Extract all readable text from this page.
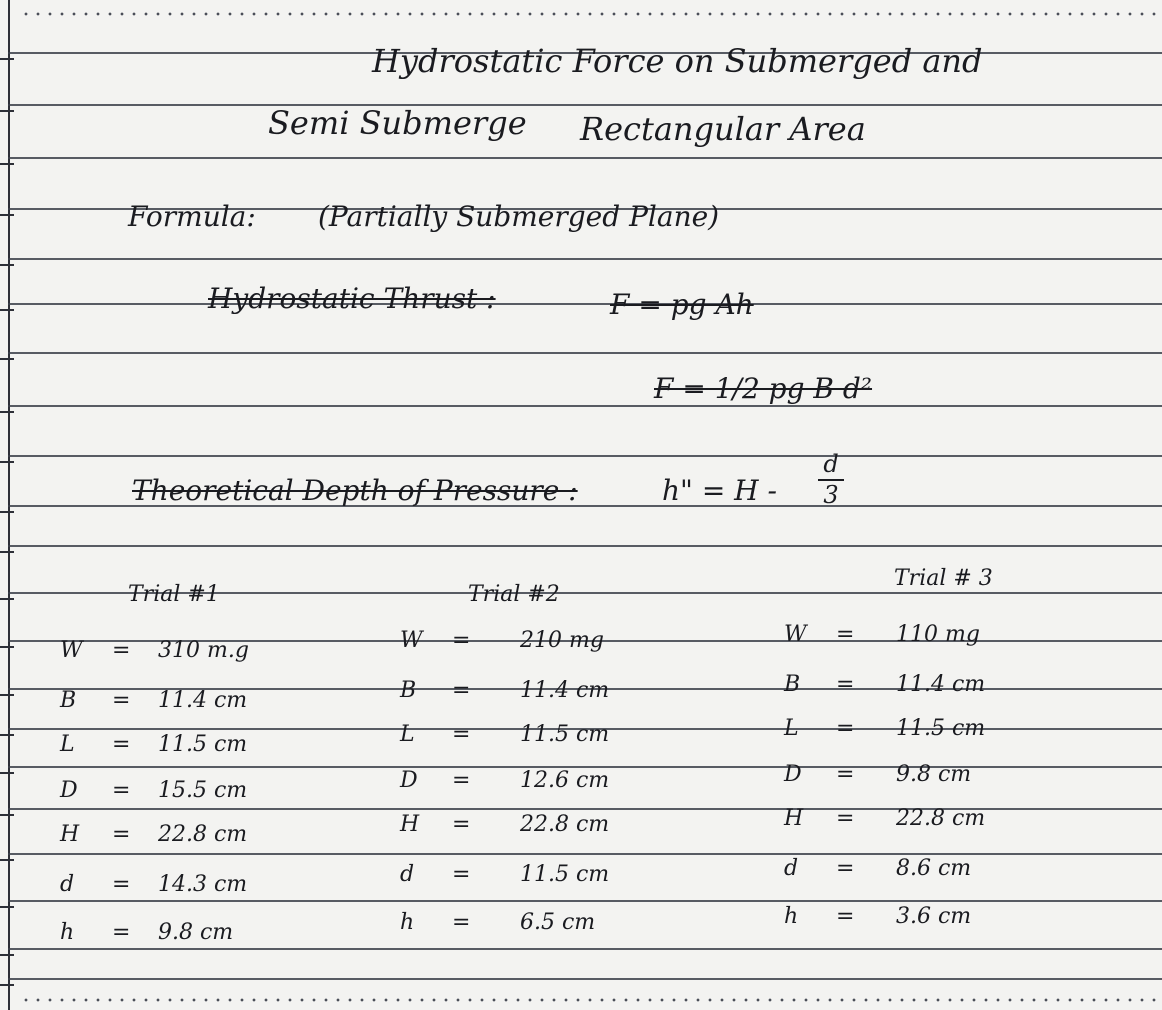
Hydrostatic Force on Submerged and
Semi Submerge Rectangular Area
Formula: (Partially Submerged Plane)
Hydrostatic Thrust :	F = pg Ah
F = 1/2 pg B d²
Theoretical Depth of Pressure :	h" = H -
d
3
Trial #1
W = 310 m.g
B = 11.4 cm
L = 11.5 cm
D = 15.5 cm
H = 22.8 cm
d = 14.3 cm
h = 9.8 cm
Trial #2
W = 210 mg
B = 11.4 cm
L = 11.5 cm
D = 12.6 cm
H = 22.8 cm
d = 11.5 cm
h = 6.5 cm
Trial # 3
W = 110 mg
B = 11.4 cm
L = 11.5 cm
D = 9.8 cm
H = 22.8 cm
d = 8.6 cm
h = 3.6 cm
